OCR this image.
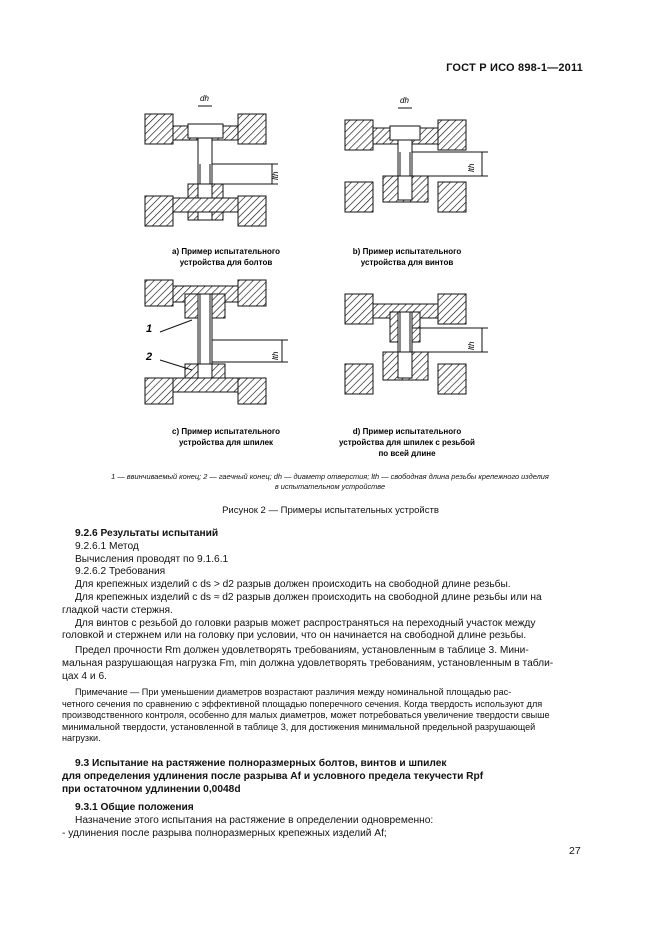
ГОСТ Р ИСО 898-1—2011
dh
lth
dh
lth
a) Пример испытательного
устройства для болтов
b) Пример испытательного
устройства для винтов
1
2	lth
lth
c) Пример испытательного
устройства для шпилек
d) Пример испытательного
устройства для шпилек с резьбой
по всей длине
1 — ввинчиваемый конец; 2 — гаечный конец; dh — диаметр отверстия; lth — свободная длина резьбы крепежного изделия
в испытательном устройстве
Рисунок 2 — Примеры испытательных устройств

9.2.6 Результаты испытаний

9.2.6.1 Метод

Вычисления проводят по 9.1.6.1

9.2.6.2 Требования

Для крепежных изделий с ds > d2 разрыв должен происходить на свободной длине резьбы.

Для крепежных изделий с ds ≈ d2 разрыв должен происходить на свободной длине резьбы или на

гладкой части стержня.

Для винтов с резьбой до головки разрыв может распространяться на переходный участок между

головкой и стержнем или на головку при условии, что он начинается на свободной длине резьбы.

Предел прочности Rm должен удовлетворять требованиям, установленным в таблице 3. Мини-

мальная разрушающая нагрузка Fm, min должна удовлетворять требованиям, установленным в табли-

цах 4 и 6.

Примечание — При уменьшении диаметров возрастают различия между номинальной площадью рас-

четного сечения по сравнению с эффективной площадью поперечного сечения. Когда твердость используют для

производственного контроля, особенно для малых диаметров, может потребоваться увеличение твердости свыше

минимальной твердости, установленной в таблице 3, для достижения минимальной предельной разрушающей

нагрузки.

9.3 Испытание на растяжение полноразмерных болтов, винтов и шпилек

для определения удлинения после разрыва Af и условного предела текучести Rpf

при остаточном удлинении 0,0048d

9.3.1 Общие положения

Назначение этого испытания на растяжение в определении одновременно:

- удлинения после разрыва полноразмерных крепежных изделий Af;

27
